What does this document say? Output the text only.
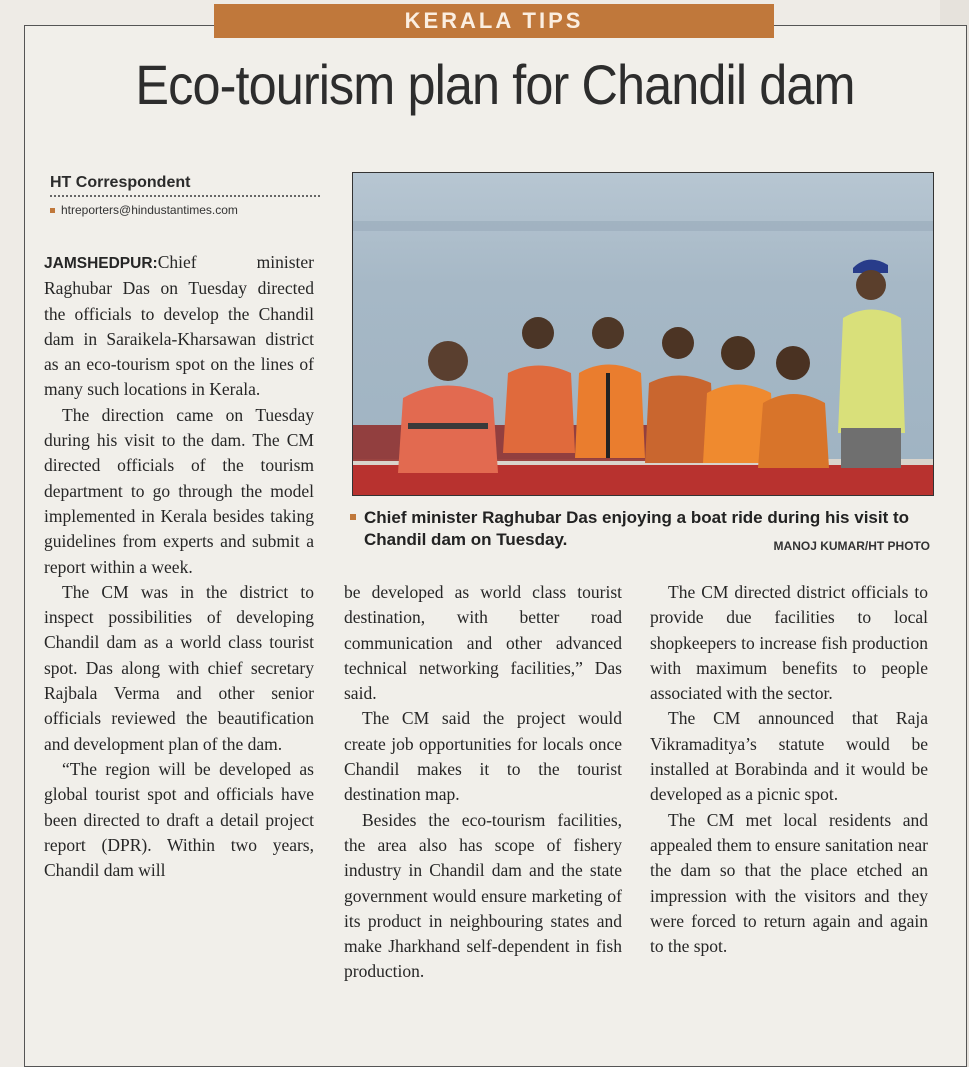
KERALA TIPS
Eco-tourism plan for Chandil dam
HT Correspondent
htreporters@hindustantimes.com
Chief minister Raghubar Das enjoying a boat ride during his visit to Chandil dam on Tuesday.	MANOJ KUMAR/HT PHOTO

JAMSHEDPUR:Chief minister Raghubar Das on Tuesday directed the officials to develop the Chandil dam in Saraikela-Kharsawan district as an eco-tourism spot on the lines of many such locations in Kerala.

The direction came on Tuesday during his visit to the dam. The CM directed officials of the tourism department to go through the model implemented in Kerala besides taking guidelines from experts and submit a report within a week.

The CM was in the district to inspect possibilities of developing Chandil dam as a world class tourist spot. Das along with chief secretary Rajbala Verma and other senior officials reviewed the beautification and development plan of the dam.

“The region will be developed as global tourist spot and officials have been directed to draft a detail project report (DPR). Within two years, Chandil dam will

be developed as world class tourist destination, with better road communication and other advanced technical networking facilities,” Das said.

The CM said the project would create job opportunities for locals once Chandil makes it to the tourist destination map.

Besides the eco-tourism facilities, the area also has scope of fishery industry in Chandil dam and the state government would ensure marketing of its product in neighbouring states and make Jharkhand self-dependent in fish production.

The CM directed district officials to provide due facilities to local shopkeepers to increase fish production with maximum benefits to people associated with the sector.

The CM announced that Raja Vikramaditya’s statute would be installed at Borabinda and it would be developed as a picnic spot.

The CM met local residents and appealed them to ensure sanitation near the dam so that the place etched an impression with the visitors and they were forced to return again and again to the spot.
